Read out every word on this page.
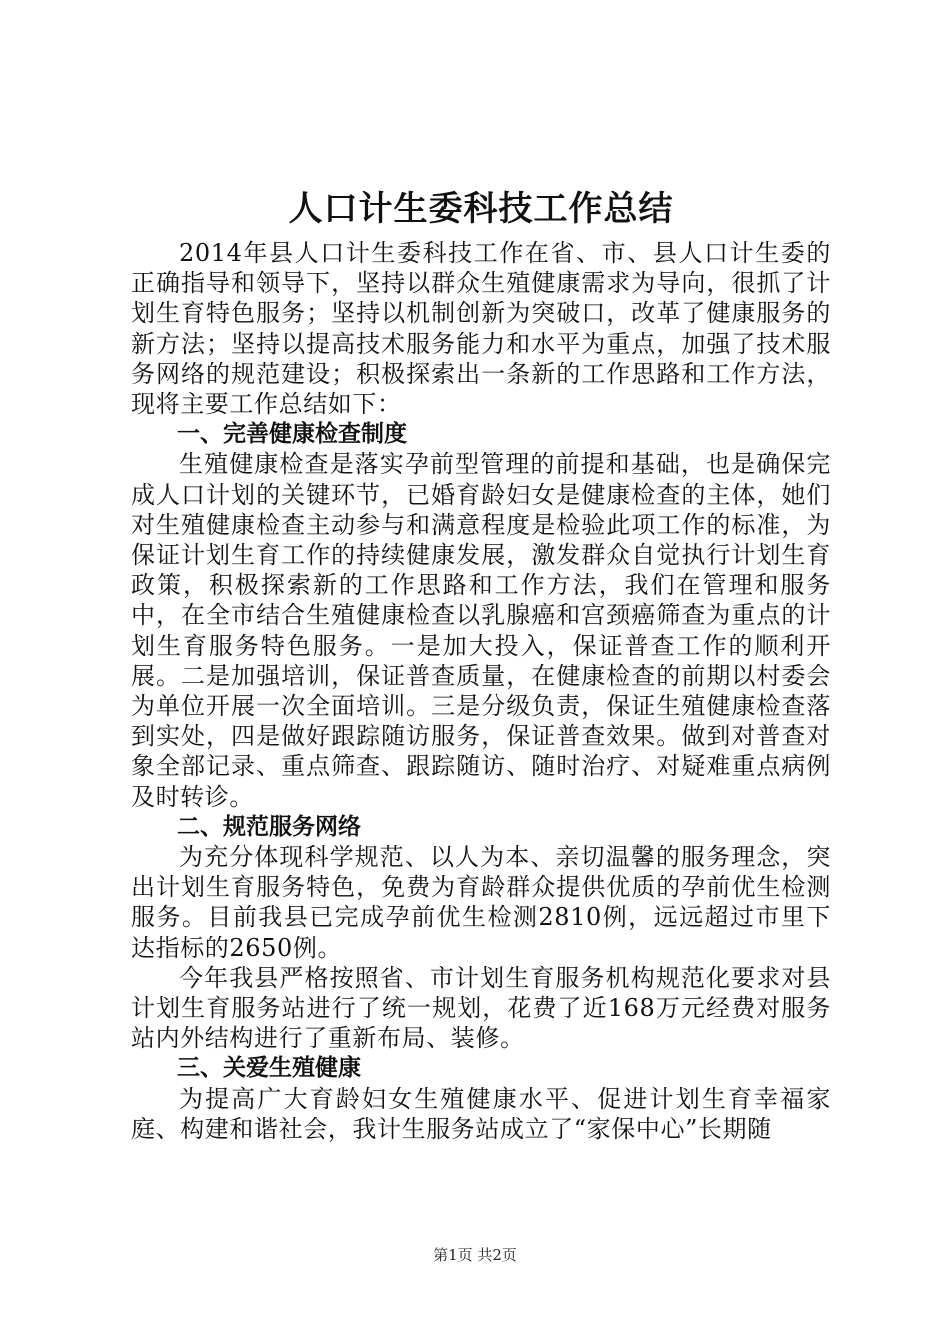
人口计生委科技工作总结

2014年县人口计生委科技工作在省、市、县人口计生委的正确指导和领导下，坚持以群众生殖健康需求为导向，很抓了计划生育特色服务；坚持以机制创新为突破口，改革了健康服务的新方法；坚持以提高技术服务能力和水平为重点，加强了技术服务网络的规范建设；积极探索出一条新的工作思路和工作方法，现将主要工作总结如下：

一、完善健康检查制度

生殖健康检查是落实孕前型管理的前提和基础，也是确保完成人口计划的关键环节，已婚育龄妇女是健康检查的主体，她们对生殖健康检查主动参与和满意程度是检验此项工作的标准，为保证计划生育工作的持续健康发展，激发群众自觉执行计划生育政策，积极探索新的工作思路和工作方法，我们在管理和服务中，在全市结合生殖健康检查以乳腺癌和宫颈癌筛查为重点的计划生育服务特色服务。一是加大投入，保证普查工作的顺利开展。二是加强培训，保证普查质量，在健康检查的前期以村委会为单位开展一次全面培训。三是分级负责，保证生殖健康检查落到实处，四是做好跟踪随访服务，保证普查效果。做到对普查对象全部记录、重点筛查、跟踪随访、随时治疗、对疑难重点病例及时转诊。

二、规范服务网络

为充分体现科学规范、以人为本、亲切温馨的服务理念，突出计划生育服务特色，免费为育龄群众提供优质的孕前优生检测服务。目前我县已完成孕前优生检测2810例，远远超过市里下达指标的2650例。

今年我县严格按照省、市计划生育服务机构规范化要求对县计划生育服务站进行了统一规划，花费了近168万元经费对服务站内外结构进行了重新布局、装修。

三、关爱生殖健康

为提高广大育龄妇女生殖健康水平、促进计划生育幸福家庭、构建和谐社会，我计生服务站成立了“家保中心”长期随

第1页 共2页
